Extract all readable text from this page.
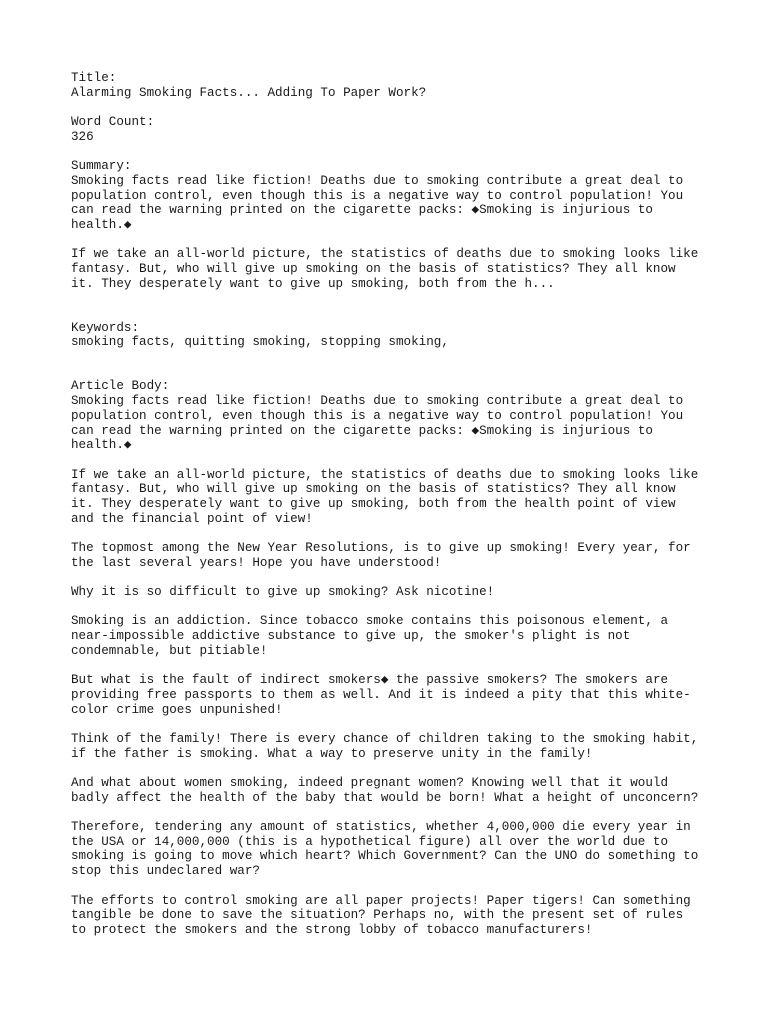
Title:
Alarming Smoking Facts... Adding To Paper Work?
Word Count:
326
Summary:
Smoking facts read like fiction! Deaths due to smoking contribute a great deal to
population control, even though this is a negative way to control population! You
can read the warning printed on the cigarette packs: ◆Smoking is injurious to
health.◆
If we take an all-world picture, the statistics of deaths due to smoking looks like
fantasy. But, who will give up smoking on the basis of statistics? They all know
it. They desperately want to give up smoking, both from the h...
Keywords:
smoking facts, quitting smoking, stopping smoking,
Article Body:
Smoking facts read like fiction! Deaths due to smoking contribute a great deal to
population control, even though this is a negative way to control population! You
can read the warning printed on the cigarette packs: ◆Smoking is injurious to
health.◆
If we take an all-world picture, the statistics of deaths due to smoking looks like
fantasy. But, who will give up smoking on the basis of statistics? They all know
it. They desperately want to give up smoking, both from the health point of view
and the financial point of view!
The topmost among the New Year Resolutions, is to give up smoking! Every year, for
the last several years! Hope you have understood!
Why it is so difficult to give up smoking? Ask nicotine!
Smoking is an addiction. Since tobacco smoke contains this poisonous element, a
near-impossible addictive substance to give up, the smoker's plight is not
condemnable, but pitiable!
But what is the fault of indirect smokers◆ the passive smokers? The smokers are
providing free passports to them as well. And it is indeed a pity that this white-
color crime goes unpunished!
Think of the family! There is every chance of children taking to the smoking habit,
if the father is smoking. What a way to preserve unity in the family!
And what about women smoking, indeed pregnant women? Knowing well that it would
badly affect the health of the baby that would be born! What a height of unconcern?
Therefore, tendering any amount of statistics, whether 4,000,000 die every year in
the USA or 14,000,000 (this is a hypothetical figure) all over the world due to
smoking is going to move which heart? Which Government? Can the UNO do something to
stop this undeclared war?
The efforts to control smoking are all paper projects! Paper tigers! Can something
tangible be done to save the situation? Perhaps no, with the present set of rules
to protect the smokers and the strong lobby of tobacco manufacturers!
